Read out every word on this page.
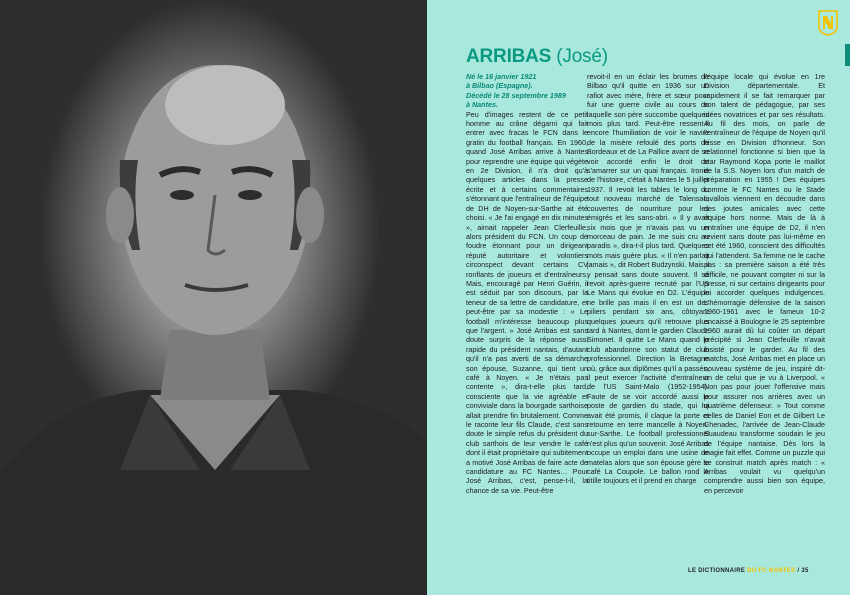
ARRIBAS (José)

Né le 16 janvier 1921
à Bilbao (Espagne).
Décédé le 28 septembre 1989
à Nantes.

Peu d'images restent de ce petit homme au crâne dégarni qui fait entrer avec fracas le FCN dans le gratin du football français. En 1960, quand José Arribas arrive à Nantes pour reprendre une équipe qui végète en 2e Division, il n'a droit qu'à quelques articles dans la presse écrite et à certains commentaires s'étonnant que l'entraîneur de l'équipe de DH de Noyen-sur-Sarthe ait été choisi. « Je l'ai engagé en dix minutes », aimait rappeler Jean Clerfeuille, alors président du FCN. Un coup de foudre étonnant pour un dirigeant réputé autoritaire et volontiers circonspect devant certains CV ronflants de joueurs et d'entraîneurs. Mais, encouragé par Henri Guérin, il est séduit par son discours, par la teneur de sa lettre de candidature, et peut-être par sa modestie : « Le football m'intéresse beaucoup plus que l'argent. » José Arribas est sans doute surpris de la réponse aussi rapide du président nantais, d'autant qu'il n'a pas averti de sa démarche son épouse, Suzanne, qui tient un café à Noyen. « Je n'étais pas contente », dira-t-elle plus tard, consciente que la vie agréable et conviviale dans la bourgade sarthoise allait prendre fin brutalement. Comme le raconte leur fils Claude, c'est sans doute le simple refus du président du club sarthois de leur vendre le café dont il était propriétaire qui subitement a motivé José Arribas de faire acte de candidature au FC Nantes… Pour José Arribas, c'est, pense-t-il, la chance de sa vie. Peut-être

revoit-il en un éclair les brumes de Bilbao qu'il quitte en 1936 sur un rafiot avec mère, frère et sœur pour fuir une guerre civile au cours de laquelle son père succombe quelques mois plus tard. Peut-être ressent-il encore l'humiliation de voir le navire de la misère refoulé des ports de Bordeaux et de La Pallice avant de se voir accordé enfin le droit de s'amarrer sur un quai français. Ironie de l'histoire, c'était à Nantes le 5 juillet 1937. Il revoit les tables le long du tout nouveau marché de Talensac, couvertes de nourriture pour les émigrés et les sans-abri. « Il y avait six mois que je n'avais pas vu un morceau de pain. Je me suis cru au paradis », dira-t-il plus tard. Quelques mots mais guère plus. « Il n'en parlait jamais », dit Robert Budzynski. Mais il y pensait sans doute souvent. Il se revoit après-guerre recruté par l'US Le Mans qui évolue en D2. L'équipe ne brille pas mais il en est un des piliers pendant six ans, côtoyant quelques joueurs qu'il retrouve plus tard à Nantes, dont le gardien Claude Simonet. Il quitte Le Mans quand le club abandonne son statut de club professionnel. Direction la Bretagne où, grâce aux diplômes qu'il a passés, il peut exercer l'activité d'entraîneur de l'US Saint-Malo (1952-1954). Faute de se voir accordé aussi le poste de gardien du stade, qui lui avait été promis, il claque la porte et retourne en terre mancelle à Noyen-sur-Sarthe. Le football professionnel n'est plus qu'un souvenir. José Arribas occupe un emploi dans une usine de matelas alors que son épouse gère le café La Coupole. Le ballon rond le titille toujours et il prend en charge

l'équipe locale qui évolue en 1re Division départementale. Et rapidement il se fait remarquer par son talent de pédagogue, par ses idées novatrices et par ses résultats. Au fil des mois, on parle de l'entraîneur de l'équipe de Noyen qu'il hisse en Division d'honneur. Son relationnel fonctionne si bien que la star Raymond Kopa porte le maillot de la S.S. Noyen lors d'un match de préparation en 1955 ! Des équipes comme le FC Nantes ou le Stade lavallois viennent en découdre dans des joutes amicales avec cette équipe hors norme. Mais de là à entraîner une équipe de D2, il n'en revient sans doute pas lui-même en cet été 1960, conscient des difficultés qui l'attendent. Sa femme ne le cache pas : sa première saison a été très difficile, ne pouvant compter ni sur la presse, ni sur certains dirigeants pour lui accorder quelques indulgences. L'hémorragie défensive de la saison 1960-1961 avec le fameux 10-2 encaissé à Boulogne le 25 septembre 1960 aurait dû lui coûter un départ précipité si Jean Clerfeuille n'avait insisté pour le garder. Au fil des matchs, José Arribas met en place un nouveau système de jeu, inspiré dit-on de celui que je vu à Liverpool. « Non pas pour jouer l'offensive mais pour assurer nos arrières avec un quatrième défenseur. » Tout comme celles de Daniel Eon et de Gilbert Le Chenadec, l'arrivée de Jean-Claude Suaudeau transforme soudain le jeu de l'équipe nantaise. Dès lors la magie fait effet. Comme un puzzle qui se construit match après match : « Arribas voulait vu quelqu'un comprendre aussi bien son équipe, en percevoir

LE DICTIONNAIRE DU FC NANTES / 35
